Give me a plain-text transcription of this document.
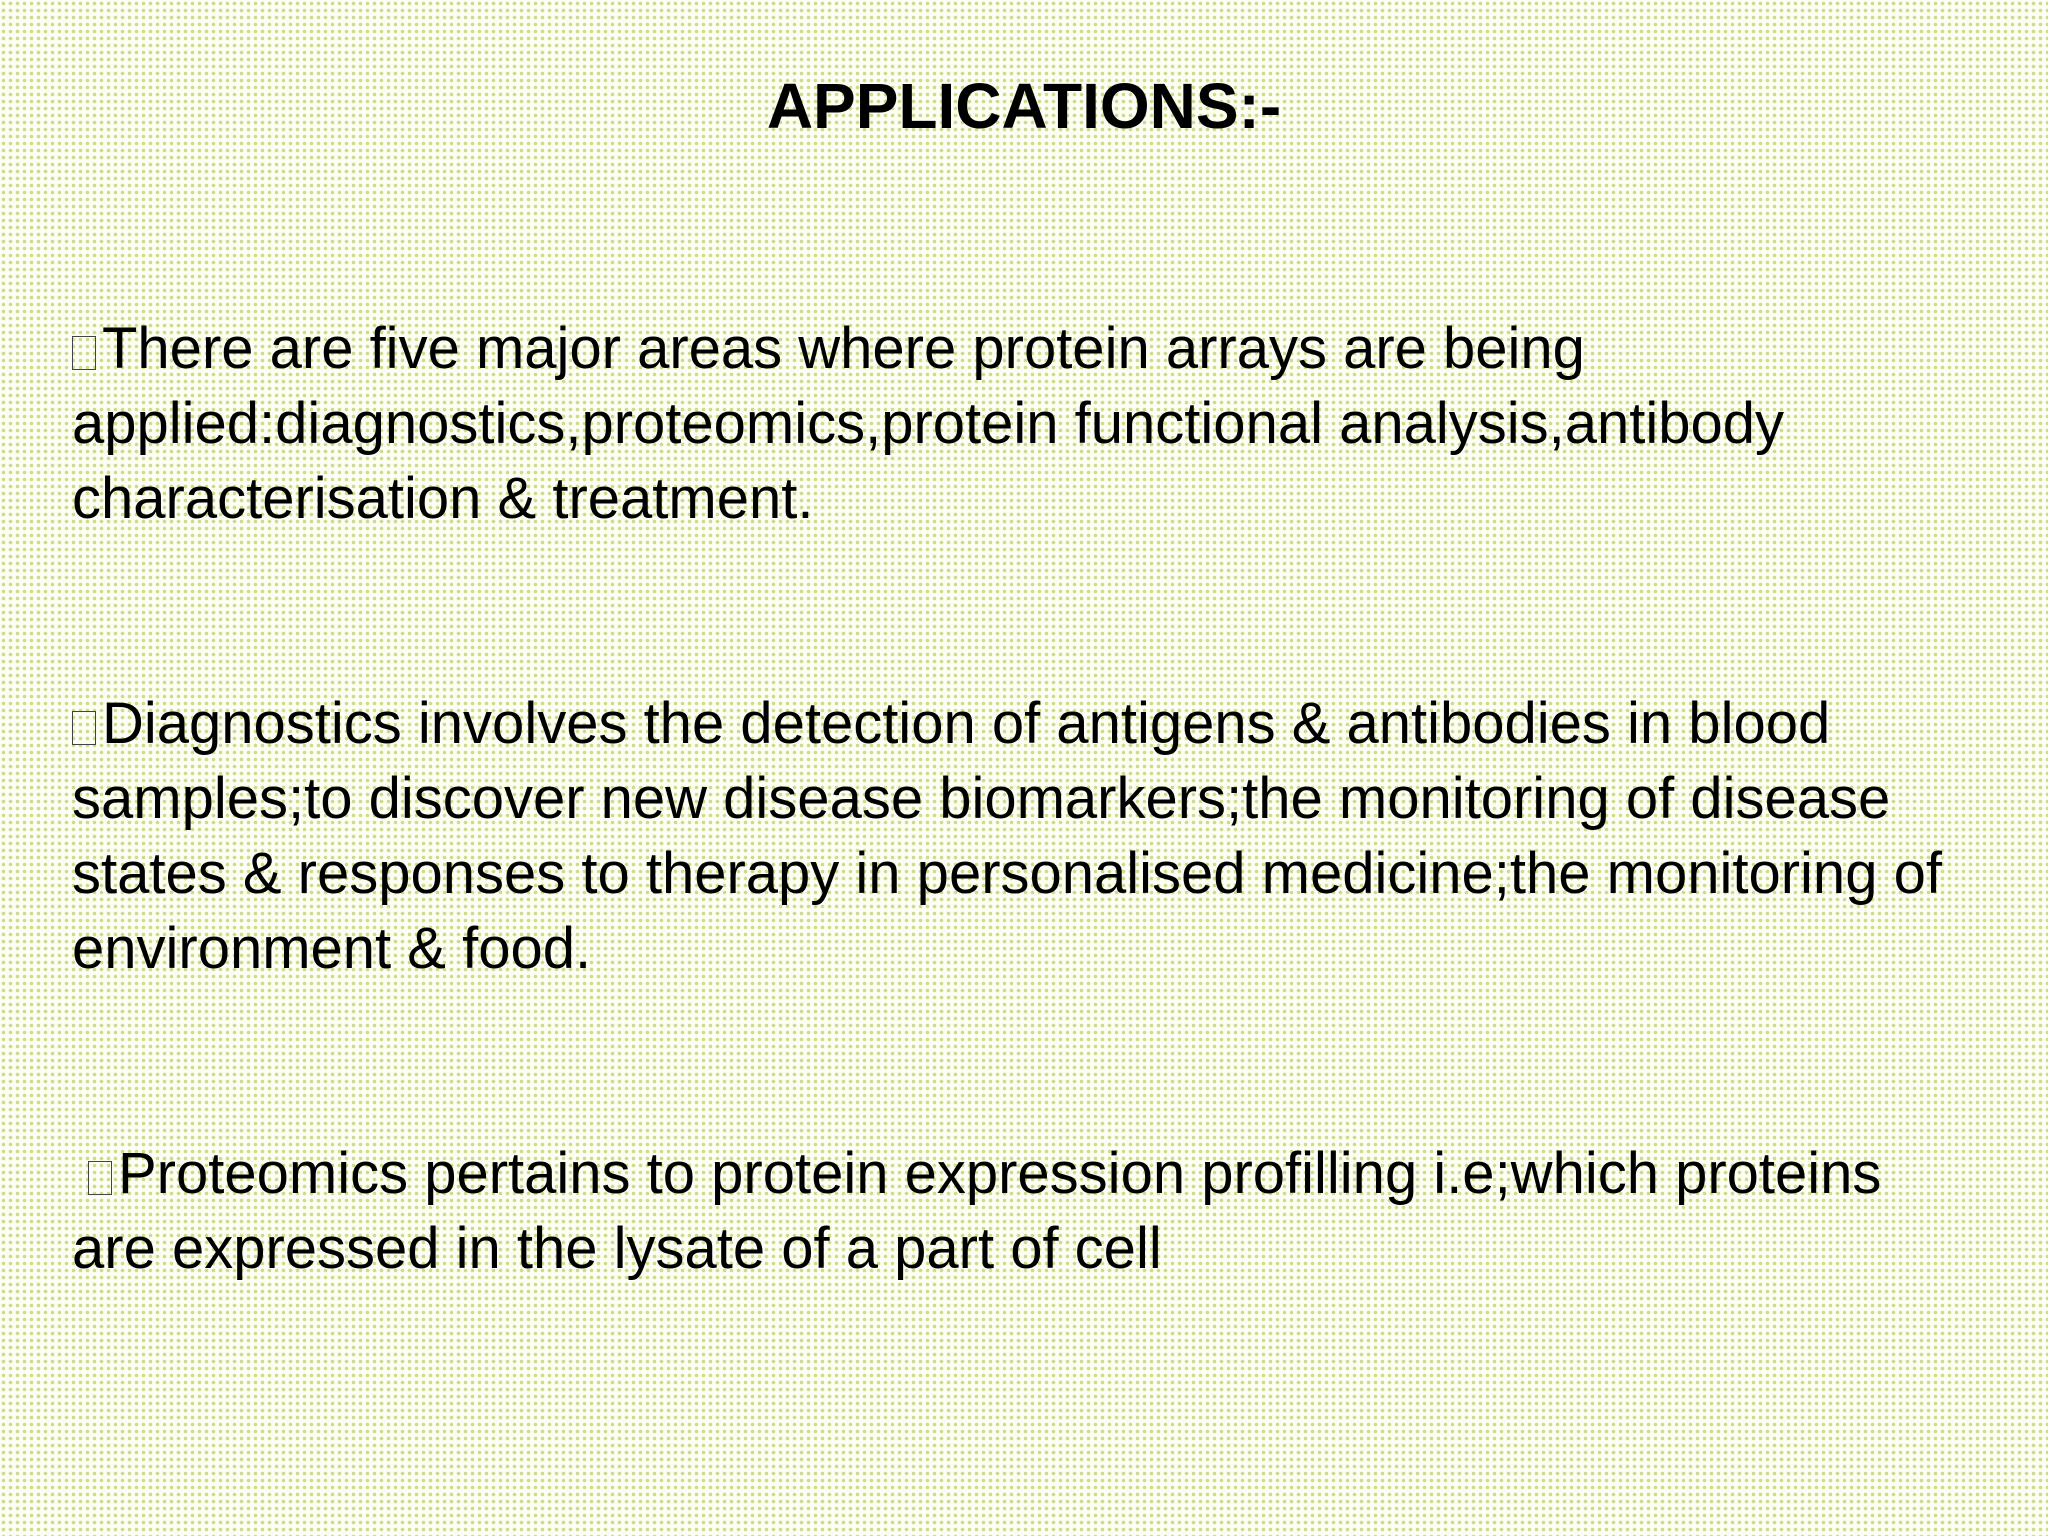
APPLICATIONS:-

There are five major areas where protein arrays are being applied:diagnostics,proteomics,protein functional analysis,antibody characterisation & treatment.

Diagnostics involves the detection of antigens & antibodies in blood samples;to discover new disease biomarkers;the monitoring of disease states & responses to therapy in personalised medicine;the monitoring of environment & food.

Proteomics pertains to protein expression profilling i.e;which proteins are expressed in the lysate of a part of cell
